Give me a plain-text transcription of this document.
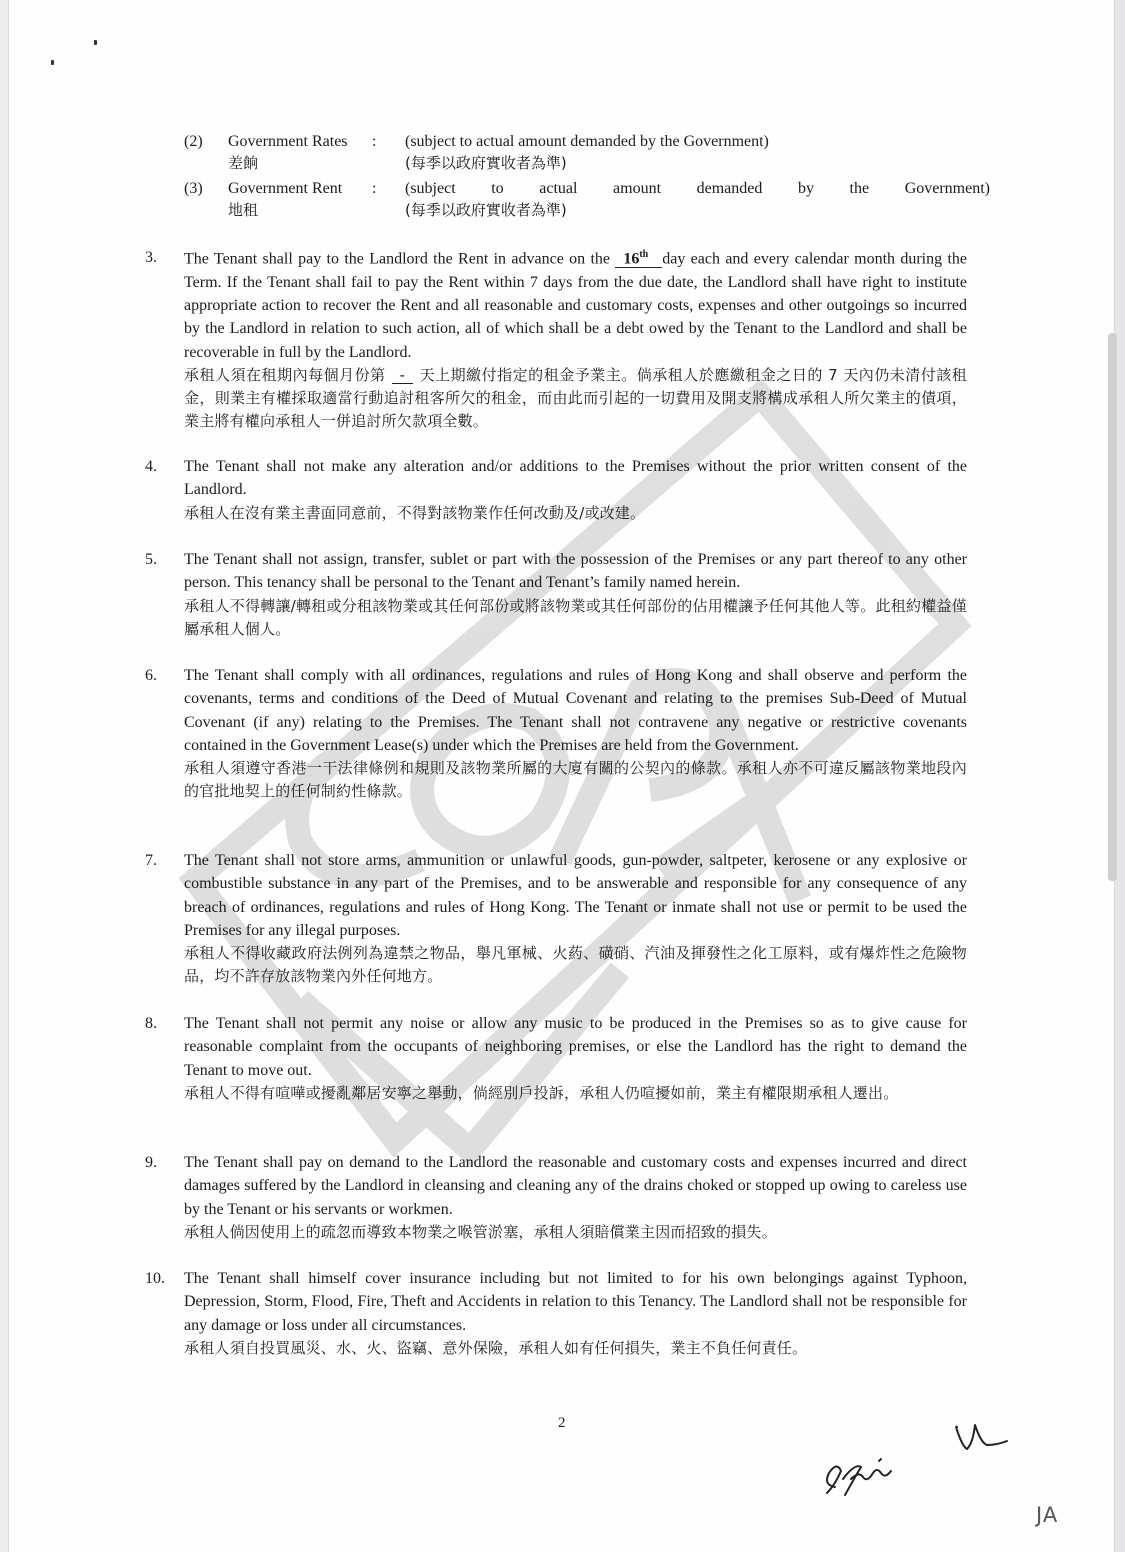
(2)	Government Rates	: (subject to actual amount demanded by the Government)
差餉	(每季以政府實收者為準)
(3)	Government Rent	: (subject to actual amount demanded by the Government)
地租	(每季以政府實收者為準)
3. The Tenant shall pay to the Landlord the Rent in advance on the 16th day each and every calendar month during the Term. If the Tenant shall fail to pay the Rent within 7 days from the due date, the Landlord shall have right to institute appropriate action to recover the Rent and all reasonable and customary costs, expenses and other outgoings so incurred by the Landlord in relation to such action, all of which shall be a debt owed by the Tenant to the Landlord and shall be recoverable in full by the Landlord.
承租人須在租期內每個月份第 - 天上期繳付指定的租金予業主。倘承租人於應繳租金之日的 7 天內仍未清付該租金，則業主有權採取適當行動追討租客所欠的租金，而由此而引起的一切費用及開支將構成承租人所欠業主的債項，業主將有權向承租人一併追討所欠款項全數。
4. The Tenant shall not make any alteration and/or additions to the Premises without the prior written consent of the Landlord.
承租人在沒有業主書面同意前，不得對該物業作任何改動及/或改建。
5. The Tenant shall not assign, transfer, sublet or part with the possession of the Premises or any part thereof to any other person. This tenancy shall be personal to the Tenant and Tenant’s family named herein.
承租人不得轉讓/轉租或分租該物業或其任何部份或將該物業或其任何部份的佔用權讓予任何其他人等。此租約權益僅屬承租人個人。
6. The Tenant shall comply with all ordinances, regulations and rules of Hong Kong and shall observe and perform the covenants, terms and conditions of the Deed of Mutual Covenant and relating to the premises Sub-Deed of Mutual Covenant (if any) relating to the Premises. The Tenant shall not contravene any negative or restrictive covenants contained in the Government Lease(s) under which the Premises are held from the Government.
承租人須遵守香港一干法律條例和規則及該物業所屬的大廈有關的公契內的條款。承租人亦不可違反屬該物業地段內的官批地契上的任何制約性條款。
7. The Tenant shall not store arms, ammunition or unlawful goods, gun-powder, saltpeter, kerosene or any explosive or combustible substance in any part of the Premises, and to be answerable and responsible for any consequence of any breach of ordinances, regulations and rules of Hong Kong. The Tenant or inmate shall not use or permit to be used the Premises for any illegal purposes.
承租人不得收藏政府法例列為違禁之物品，舉凡軍械、火葯、磺硝、汽油及揮發性之化工原料，或有爆炸性之危險物品，均不許存放該物業內外任何地方。
8. The Tenant shall not permit any noise or allow any music to be produced in the Premises so as to give cause for reasonable complaint from the occupants of neighboring premises, or else the Landlord has the right to demand the Tenant to move out.
承租人不得有喧嘩或擾亂鄰居安寧之舉動，倘經別戶投訴，承租人仍喧擾如前，業主有權限期承租人遷出。
9. The Tenant shall pay on demand to the Landlord the reasonable and customary costs and expenses incurred and direct damages suffered by the Landlord in cleansing and cleaning any of the drains choked or stopped up owing to careless use by the Tenant or his servants or workmen.
承租人倘因使用上的疏忽而導致本物業之喉管淤塞，承租人須賠償業主因而招致的損失。
10. The Tenant shall himself cover insurance including but not limited to for his own belongings against Typhoon, Depression, Storm, Flood, Fire, Theft and Accidents in relation to this Tenancy. The Landlord shall not be responsible for any damage or loss under all circumstances.
承租人須自投買風災、水、火、盜竊、意外保險，承租人如有任何損失，業主不負任何責任。
2
JA
